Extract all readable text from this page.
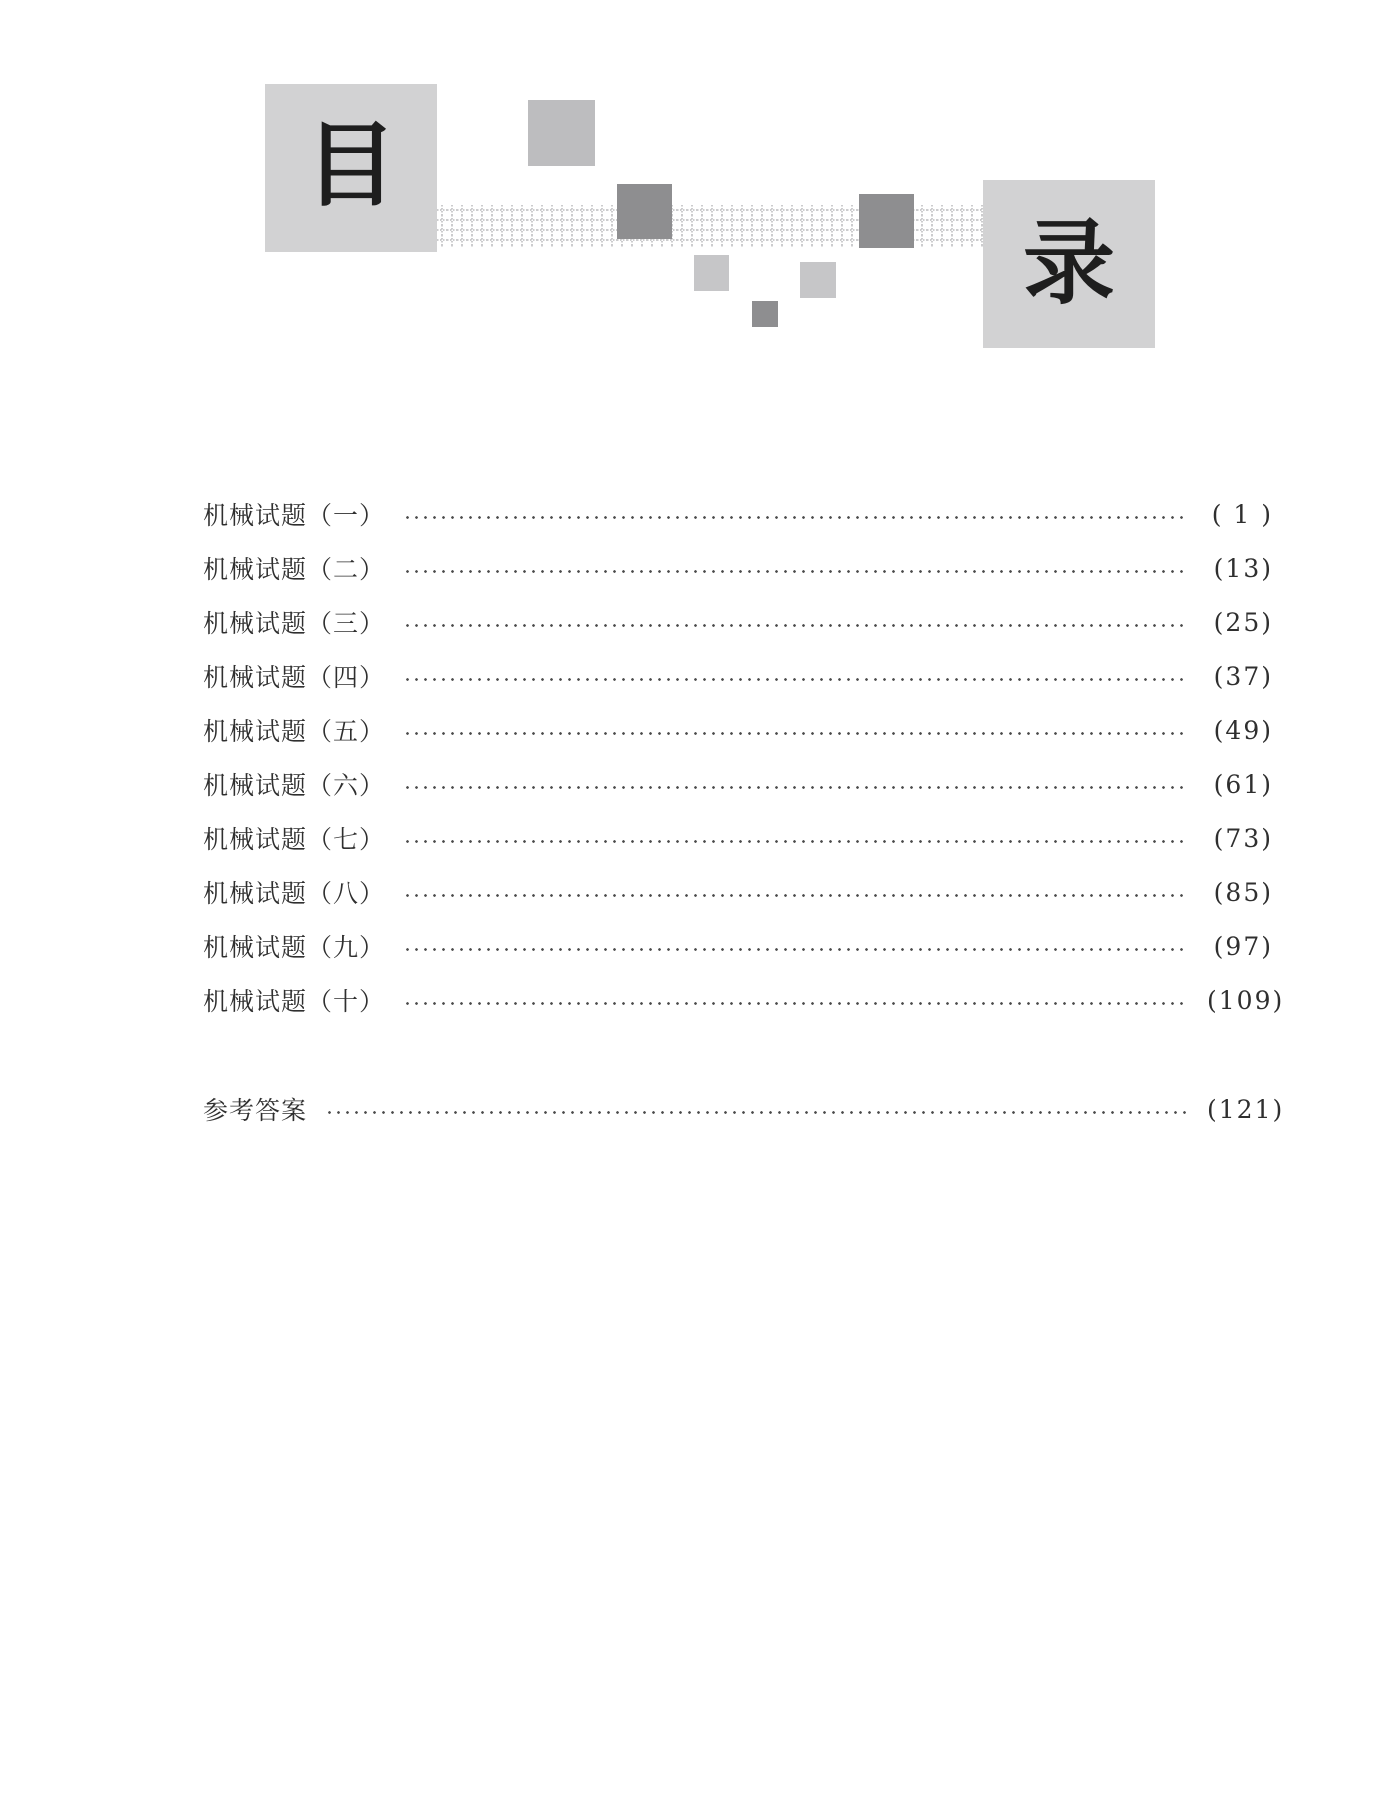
目
录
机械试题（一）	( 1 )
机械试题（二）	(13)
机械试题（三）	(25)
机械试题（四）	(37)
机械试题（五）	(49)
机械试题（六）	(61)
机械试题（七）	(73)
机械试题（八）	(85)
机械试题（九）	(97)
机械试题（十）	(109)
参考答案	(121)
